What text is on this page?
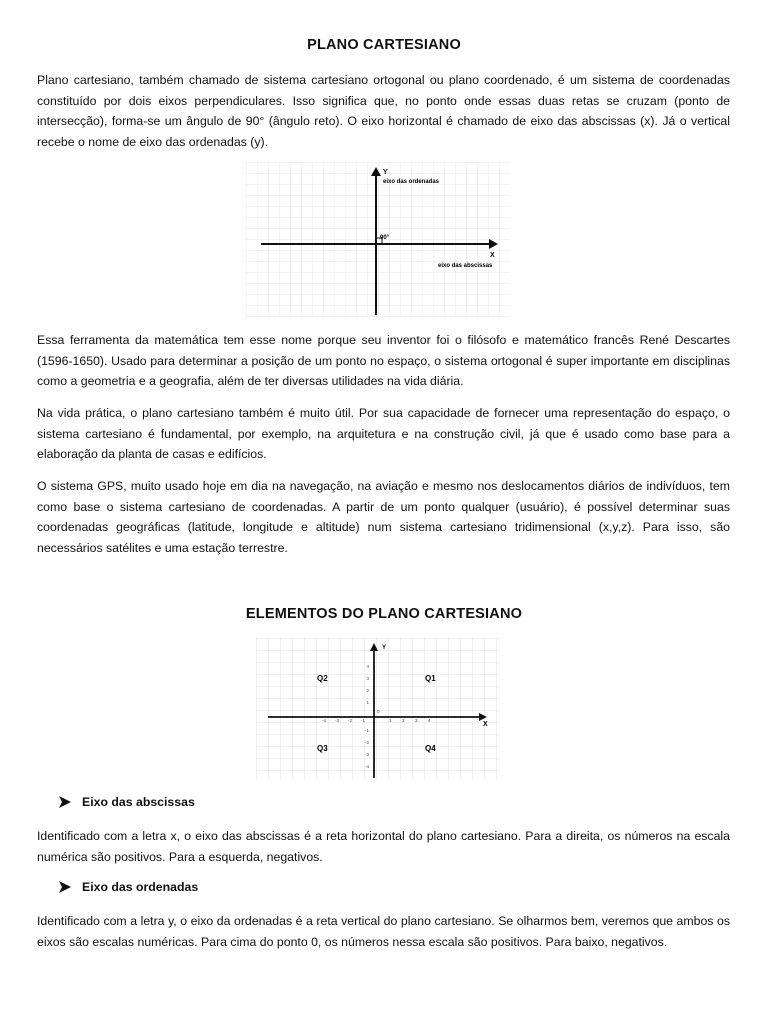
PLANO CARTESIANO

Plano cartesiano, também chamado de sistema cartesiano ortogonal ou plano coordenado, é um sistema de coordenadas constituído por dois eixos perpendiculares. Isso significa que, no ponto onde essas duas retas se cruzam (ponto de intersecção), forma-se um ângulo de 90° (ângulo reto). O eixo horizontal é chamado de eixo das abscissas (x). Já o vertical recebe o nome de eixo das ordenadas (y).

Y
eixo das ordenadas
90°
X
eixo das abscissas

Essa ferramenta da matemática tem esse nome porque seu inventor foi o filósofo e matemático francês René Descartes (1596-1650). Usado para determinar a posição de um ponto no espaço, o sistema ortogonal é super importante em disciplinas como a geometria e a geografia, além de ter diversas utilidades na vida diária.

Na vida prática, o plano cartesiano também é muito útil. Por sua capacidade de fornecer uma representação do espaço, o sistema cartesiano é fundamental, por exemplo, na arquitetura e na construção civil, já que é usado como base para a elaboração da planta de casas e edifícios.

O sistema GPS, muito usado hoje em dia na navegação, na aviação e mesmo nos deslocamentos diários de indivíduos, tem como base o sistema cartesiano de coordenadas. A partir de um ponto qualquer (usuário), é possível determinar suas coordenadas geográficas (latitude, longitude e altitude) num sistema cartesiano tridimensional (x,y,z). Para isso, são necessários satélites e uma estação terrestre.

ELEMENTOS DO PLANO CARTESIANO
Y
X
0
Q1
Q2
Q3	Q4
-4 -3 -2 -1	1 2 3 4
4
3
2
1
-1
-2
-3
-4
Eixo das abscissas

Identificado com a letra x, o eixo das abscissas é a reta horizontal do plano cartesiano. Para a direita, os números na escala numérica são positivos. Para a esquerda, negativos.

Eixo das ordenadas

Identificado com a letra y, o eixo da ordenadas é a reta vertical do plano cartesiano. Se olharmos bem, veremos que ambos os eixos são escalas numéricas. Para cima do ponto 0, os números nessa escala são positivos. Para baixo, negativos.
